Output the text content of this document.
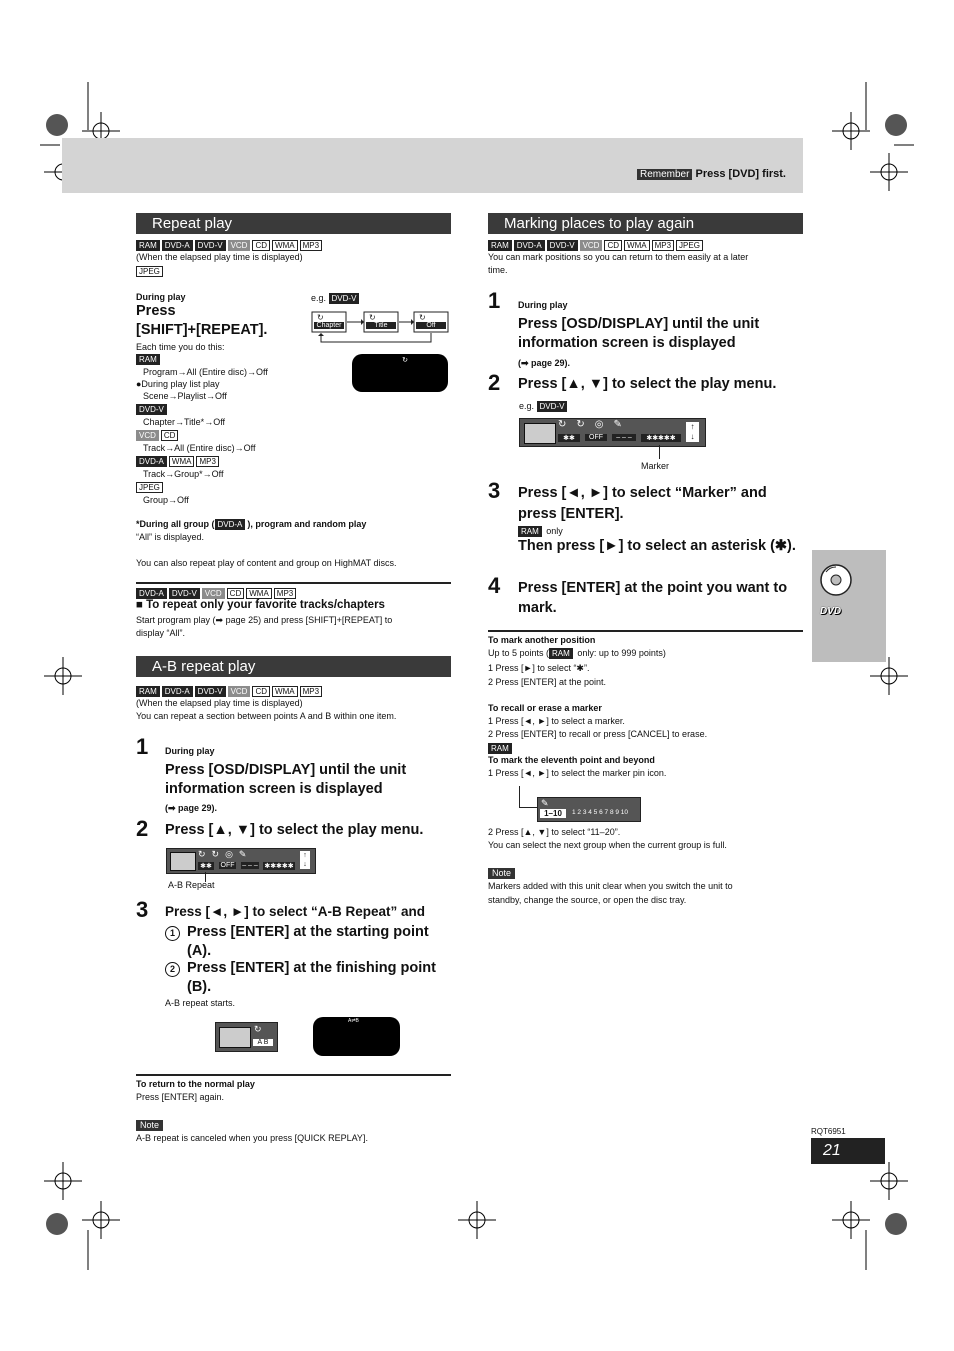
Remember Press [DVD] first.
DVD
RQT6951
21
Repeat play
RAM DVD-A DVD-V VCD CD WMA MP3
(When the elapsed play time is displayed)
JPEG
During play
Press
[SHIFT]+[REPEAT].
Each time you do this:
e.g. DVD-V
↻	↻	↻
Chapter	Title	Off
↻
RAM
Program→All (Entire disc)→Off
●During play list play
Scene→Playlist→Off
DVD-V
Chapter→Title*→Off
VCD CD
Track→All (Entire disc)→Off
DVD-A WMA MP3
Track→Group*→Off
JPEG
Group→Off
*During all group ( DVD-A ), program and random play
“All” is displayed.
You can also repeat play of content and group on HighMAT discs.
DVD-A DVD-V VCD CD WMA MP3
■ To repeat only your favorite tracks/chapters
Start program play (➡ page 25) and press [SHIFT]+[REPEAT] to
display “All”.
A-B repeat play
RAM DVD-A DVD-V VCD CD WMA MP3
(When the elapsed play time is displayed)
You can repeat a section between points A and B within one item.
1 During play
Press [OSD/DISPLAY] until the unit information screen is displayed
(➡ page 29).
2 Press [▲, ▼] to select the play menu.
↻↻◎✎
✱✱	OFF – – – ✱✱✱✱✱
↑
↓
A-B Repeat
3 Press [◄, ►] to select “A-B Repeat” and
1 Press [ENTER] at the starting point (A).
2 Press [ENTER] at the finishing point (B).
A-B repeat starts.
↻
A B
A⇌B
To return to the normal play
Press [ENTER] again.
Note
A-B repeat is canceled when you press [QUICK REPLAY].
Marking places to play again
RAM DVD-A DVD-V VCD CD WMA MP3 JPEG
You can mark positions so you can return to them easily at a later
time.
1 During play
Press [OSD/DISPLAY] until the unit information screen is displayed
(➡ page 29).
2 Press [▲, ▼] to select the play menu.
e.g. DVD-V
↻↻◎✎
✱✱	OFF	– – –	✱✱✱✱✱
↑
↓
Marker
3 Press [◄, ►] to select “Marker” and press [ENTER].
RAM only
Then press [►] to select an asterisk (✱).
4 Press [ENTER] at the point you want to mark.
To mark another position
Up to 5 points ( RAM only: up to 999 points)
1 Press [►] to select “✱”.
2 Press [ENTER] at the point.
To recall or erase a marker
1 Press [◄, ►] to select a marker.
2 Press [ENTER] to recall or press [CANCEL] to erase.
RAM
To mark the eleventh point and beyond
1 Press [◄, ►] to select the marker pin icon.
✎
1–10	1 2 3 4 5 6 7 8 9 10
2 Press [▲, ▼] to select “11–20”.
You can select the next group when the current group is full.
Note
Markers added with this unit clear when you switch the unit to
standby, change the source, or open the disc tray.
